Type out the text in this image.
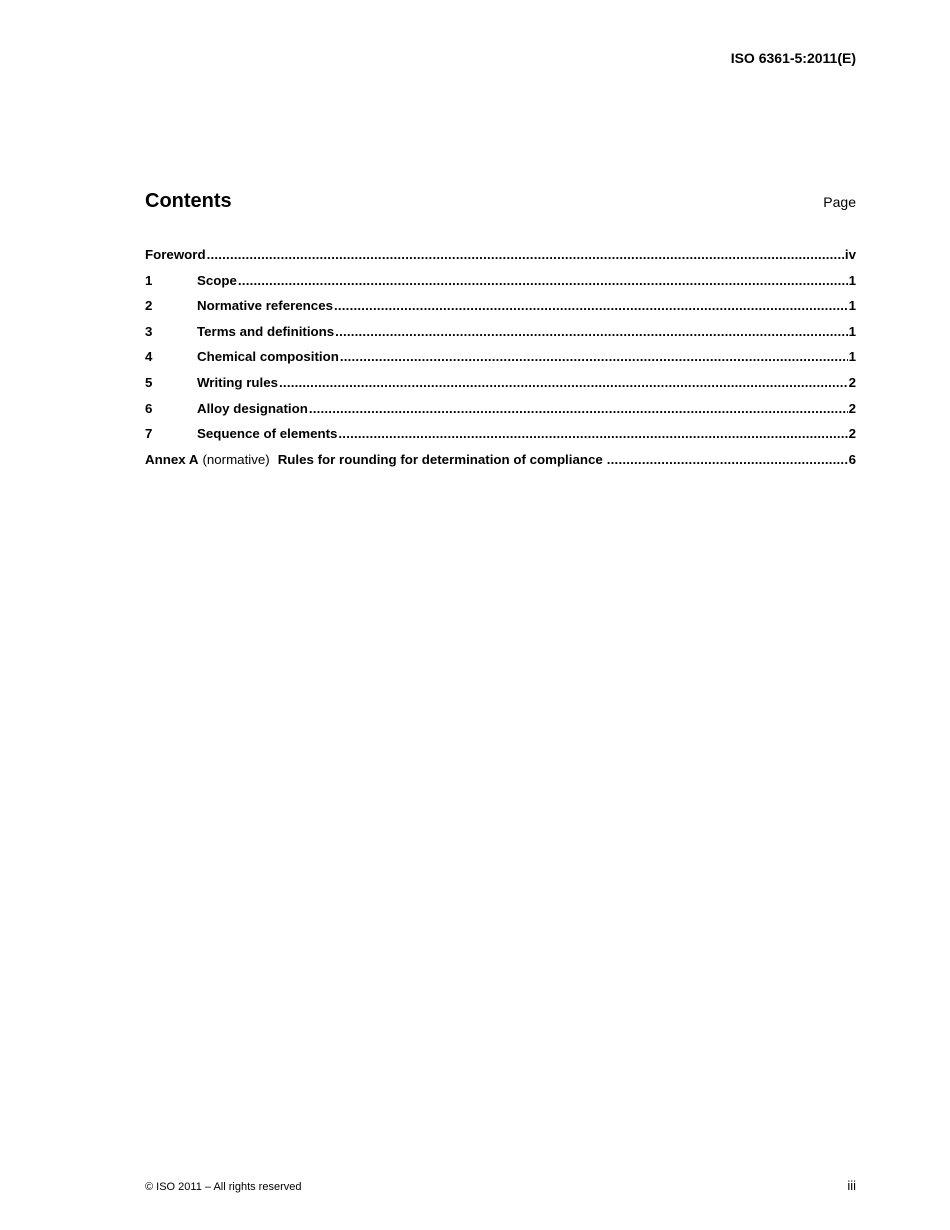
ISO 6361-5:2011(E)
Contents	Page
Foreword .....	iv
1	Scope .....	1
2	Normative references .....	1
3	Terms and definitions .....	1
4	Chemical composition .....	1
5	Writing rules .....	2
6	Alloy designation .....	2
7	Sequence of elements .....	2
Annex A (normative) Rules for rounding for determination of compliance .....	6
© ISO 2011 – All rights reserved	iii
